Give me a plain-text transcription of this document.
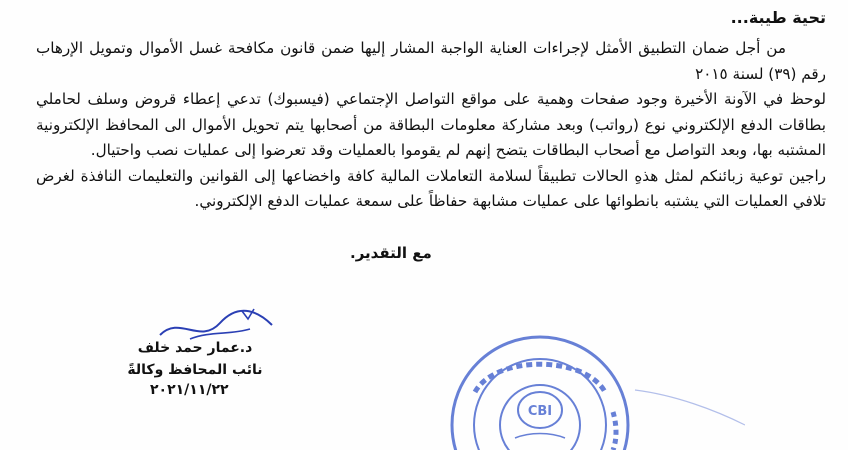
تحية طيبة...

من أجل ضمان التطبيق الأمثل لإجراءات العناية الواجبة المشار إليها ضمن قانون مكافحة غسل الأموال وتمويل الإرهاب رقم (٣٩) لسنة ٢٠١٥

لوحظ في الآونة الأخيرة وجود صفحات وهمية على مواقع التواصل الإجتماعي (فيسبوك) تدعي إعطاء قروض وسلف لحاملي بطاقات الدفع الإلكتروني نوع (رواتب) وبعد مشاركة معلومات البطاقة من أصحابها يتم تحويل الأموال الى المحافظ الإلكترونية المشتبه بها، وبعد التواصل مع أصحاب البطاقات يتضح إنهم لم يقوموا بالعمليات وقد تعرضوا إلى عمليات نصب واحتيال.

راجين توعية زبائنكم لمثل هذهِ الحالات تطبيقاً لسلامة التعاملات المالية كافة واخضاعها إلى القوانين والتعليمات النافذة لغرض تلافي العمليات التي يشتبه بانطوائها على عمليات مشابهة حفاظاً على سمعة عمليات الدفع الإلكتروني.

مع التقدير.
د.عمار حمد خلف
نائب المحافظ وكالةً
٢٠٢١/١١/٢٢
CBI
